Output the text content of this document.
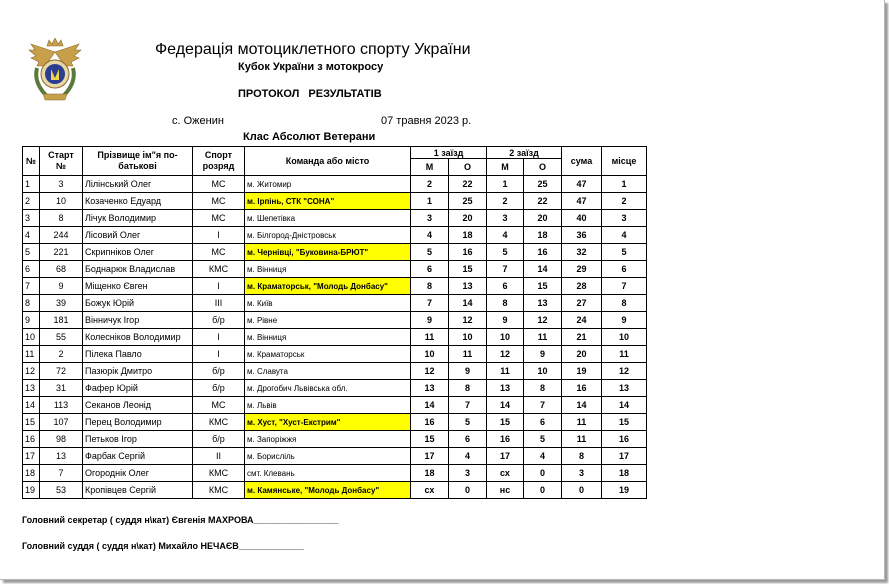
Федерація мотоциклетного спорту України
Кубок України з мотокросу
ПРОТОКОЛ РЕЗУЛЬТАТІВ
с. Оженин	07 травня 2023 р.
Клас Абсолют Ветерани
№	Старт №	Прізвище ім"я по-батькові	Спорт розряд	Команда або місто	1 заїзд		2 заїзд		сума	місце
					М	О	М	О		
1	3	Лілінський Олег	МС	м. Житомир	2	22	1	25	47	1
2	10	Козаченко Едуард	МС	м. Ірпінь, СТК "СОНА"	1	25	2	22	47	2
3	8	Лічук Володимир	МС	м. Шепетівка	3	20	3	20	40	3
4	244	Лісовий Олег	І	м. Білгород-Дністровськ	4	18	4	18	36	4
5	221	Скрипніков Олег	МС	м. Чернівці, "Буковина-БРЮТ"	5	16	5	16	32	5
6	68	Боднарюк Владислав	КМС	м. Вінниця	6	15	7	14	29	6
7	9	Міщенко Євген	І	м. Краматорськ, "Молодь Донбасу"	8	13	6	15	28	7
8	39	Божук Юрій	ІІІ	м. Київ	7	14	8	13	27	8
9	181	Вінничук Ігор	б/р	м. Рівне	9	12	9	12	24	9
10	55	Колесніков Володимир	І	м. Вінниця	11	10	10	11	21	10
11	2	Пілека Павло	І	м. Краматорськ	10	11	12	9	20	11
12	72	Пазюрік Дмитро	б/р	м. Славута	12	9	11	10	19	12
13	31	Фафер Юрій	б/р	м. Дрогобич Львівська обл.	13	8	13	8	16	13
14	113	Секанов Леонід	МС	м. Львів	14	7	14	7	14	14
15	107	Перец Володимир	КМС	м. Хуст, "Хуст-Екстрим"	16	5	15	6	11	15
16	98	Петьков Ігор	б/р	м. Запоріжжя	15	6	16	5	11	16
17	13	Фарбак Сергій	ІІ	м. Борисліль	17	4	17	4	8	17
18	7	Огороднік Олег	КМС	смт. Клевань	18	3	сх	0	3	18
19	53	Кропівцев Сергій	КМС	м. Камянське, "Молодь Донбасу"	сх	0	нс	0	0	19
Головний секретар ( суддя н\кат) Євгенія МАХРОВА_________________
Головний суддя ( суддя н\кат) Михайло НЕЧАЄВ_____________
